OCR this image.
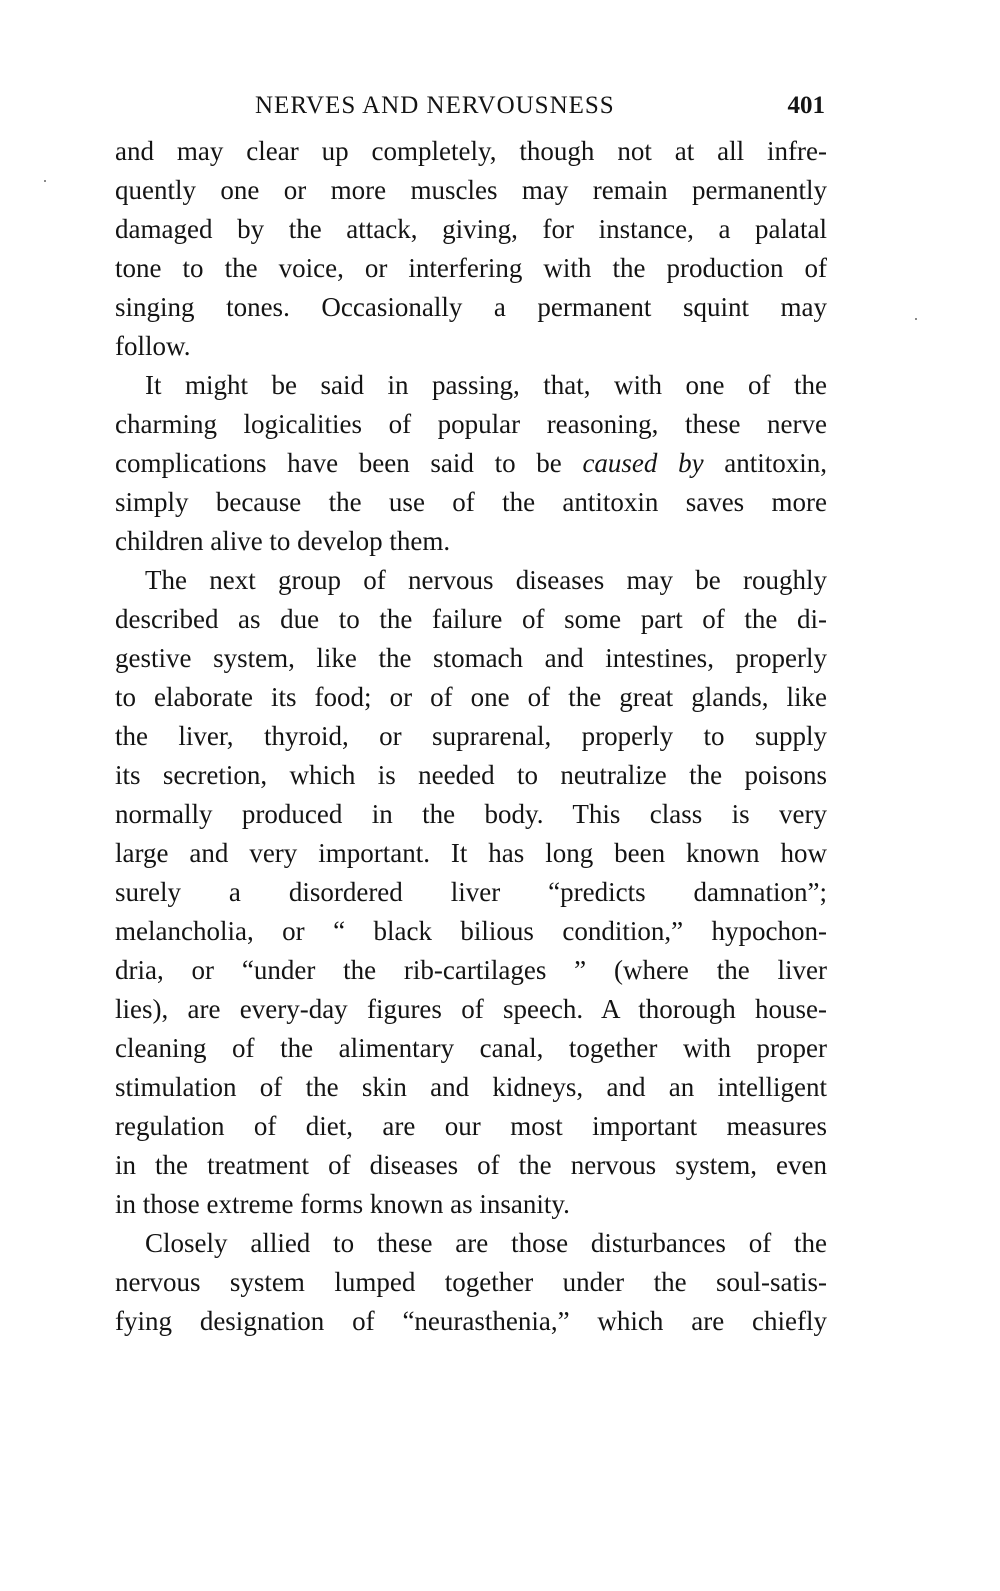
NERVES AND NERVOUSNESS	401
and may clear up completely, though not at all infre-
quently one or more muscles may remain permanently
damaged by the attack, giving, for instance, a palatal
tone to the voice, or interfering with the production of
singing tones. Occasionally a permanent squint may
follow.
It might be said in passing, that, with one of the
charming logicalities of popular reasoning, these nerve
complications have been said to be caused by antitoxin,
simply because the use of the antitoxin saves more
children alive to develop them.
The next group of nervous diseases may be roughly
described as due to the failure of some part of the di-
gestive system, like the stomach and intestines, properly
to elaborate its food; or of one of the great glands, like
the liver, thyroid, or suprarenal, properly to supply
its secretion, which is needed to neutralize the poisons
normally produced in the body. This class is very
large and very important. It has long been known how
surely a disordered liver “predicts damnation”;
melancholia, or “ black bilious condition,” hypochon-
dria, or “under the rib-cartilages ” (where the liver
lies), are every-day figures of speech. A thorough house-
cleaning of the alimentary canal, together with proper
stimulation of the skin and kidneys, and an intelligent
regulation of diet, are our most important measures
in the treatment of diseases of the nervous system, even
in those extreme forms known as insanity.
Closely allied to these are those disturbances of the
nervous system lumped together under the soul-satis-
fying designation of “neurasthenia,” which are chiefly
